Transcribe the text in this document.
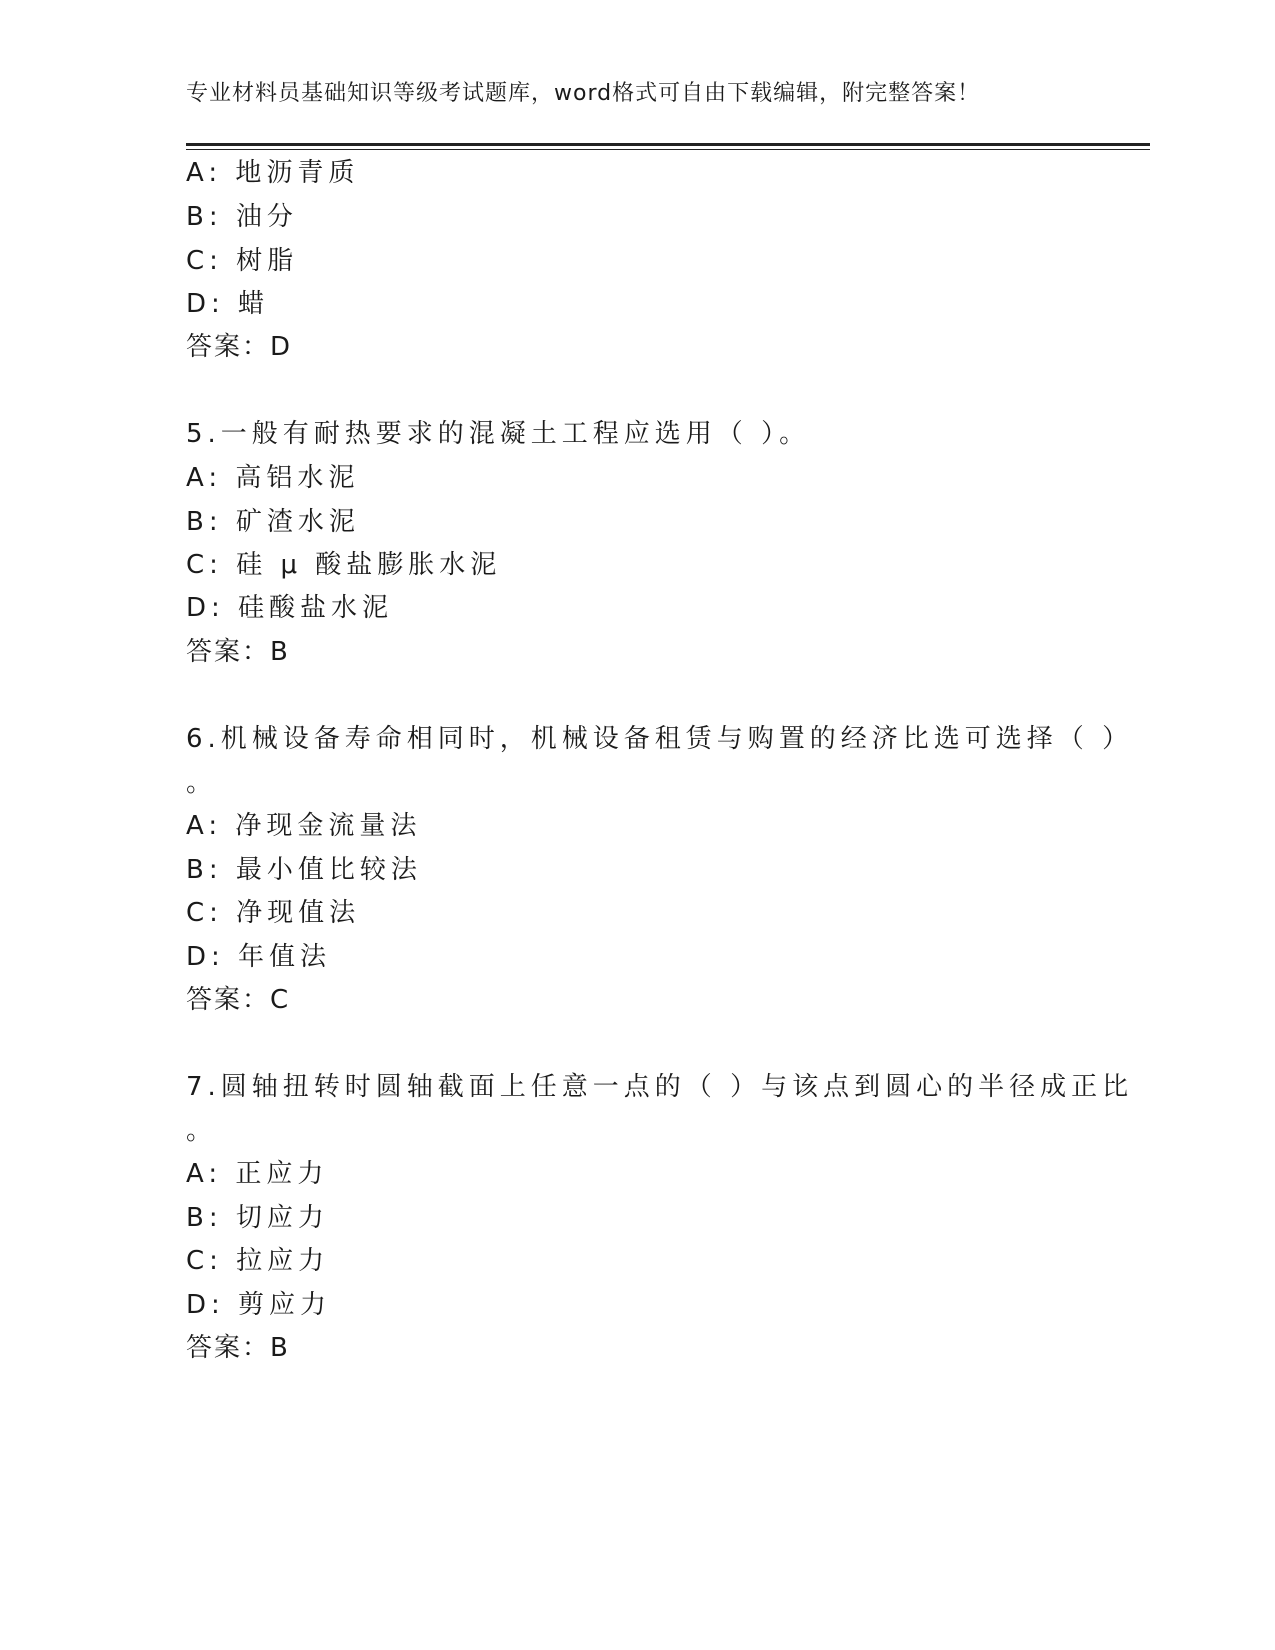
专业材料员基础知识等级考试题库，word格式可自由下载编辑，附完整答案！
A: 地沥青质
B: 油分
C: 树脂
D: 蜡
答案：D
5.一般有耐热要求的混凝土工程应选用（ ）。
A: 高铝水泥
B: 矿渣水泥
C: 硅 μ 酸盐膨胀水泥
D: 硅酸盐水泥
答案：B
6.机械设备寿命相同时，机械设备租赁与购置的经济比选可选择（ ）
。
A: 净现金流量法
B: 最小值比较法
C: 净现值法
D: 年值法
答案：C
7.圆轴扭转时圆轴截面上任意一点的（ ）与该点到圆心的半径成正比
。
A: 正应力
B: 切应力
C: 拉应力
D: 剪应力
答案：B
